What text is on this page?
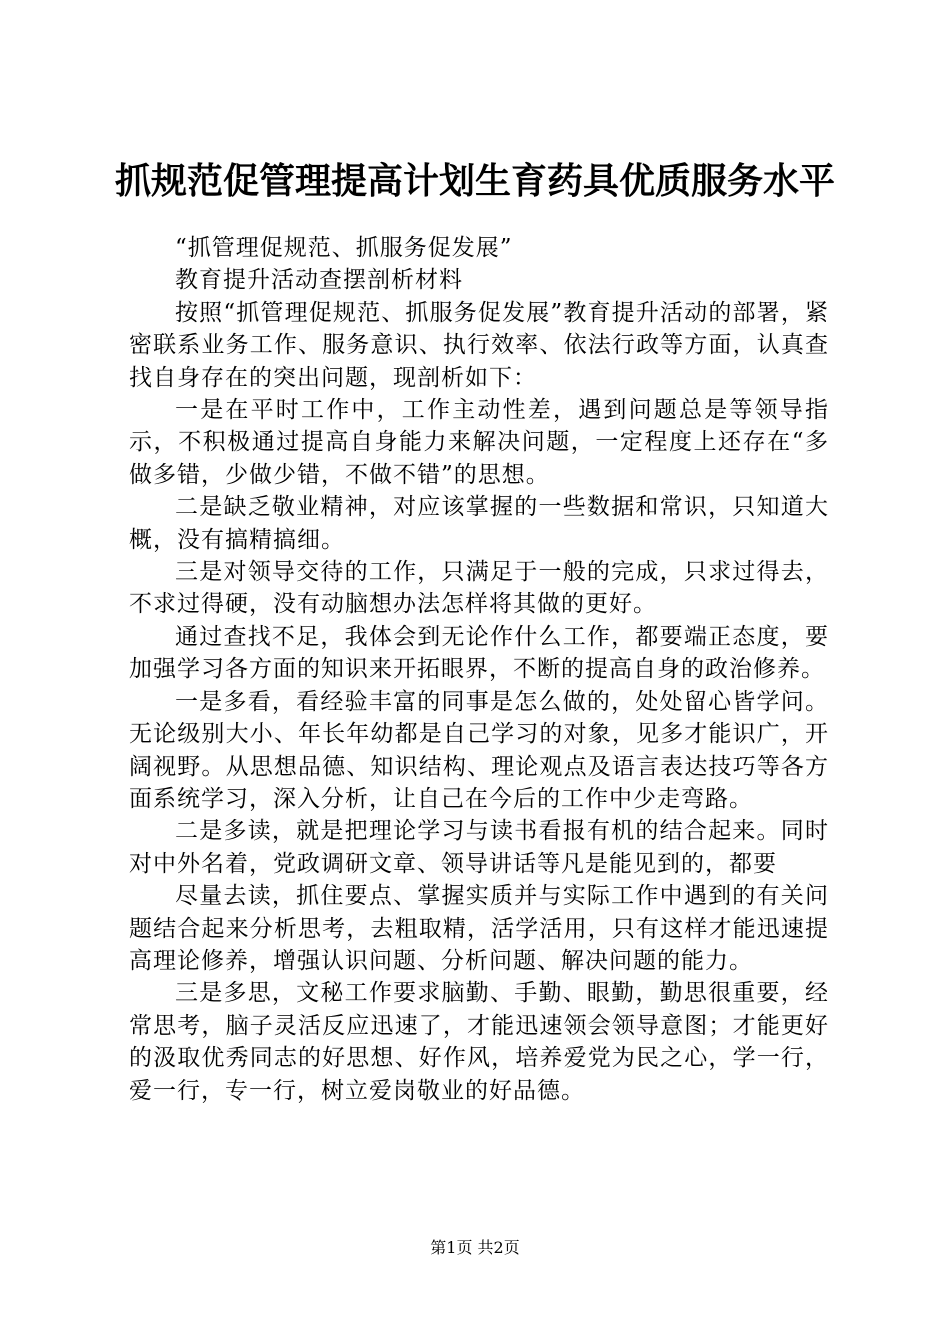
抓规范促管理提高计划生育药具优质服务水平

“抓管理促规范、抓服务促发展”

教育提升活动查摆剖析材料

按照“抓管理促规范、抓服务促发展”教育提升活动的部署，紧密联系业务工作、服务意识、执行效率、依法行政等方面，认真查找自身存在的突出问题，现剖析如下：

一是在平时工作中，工作主动性差，遇到问题总是等领导指示，不积极通过提高自身能力来解决问题，一定程度上还存在“多做多错，少做少错，不做不错”的思想。

二是缺乏敬业精神，对应该掌握的一些数据和常识，只知道大概，没有搞精搞细。

三是对领导交待的工作，只满足于一般的完成，只求过得去，不求过得硬，没有动脑想办法怎样将其做的更好。

通过查找不足，我体会到无论作什么工作，都要端正态度，要加强学习各方面的知识来开拓眼界，不断的提高自身的政治修养。

一是多看，看经验丰富的同事是怎么做的，处处留心皆学问。无论级别大小、年长年幼都是自己学习的对象，见多才能识广，开阔视野。从思想品德、知识结构、理论观点及语言表达技巧等各方面系统学习，深入分析，让自己在今后的工作中少走弯路。

二是多读，就是把理论学习与读书看报有机的结合起来。同时对中外名着，党政调研文章、领导讲话等凡是能见到的，都要

尽量去读，抓住要点、掌握实质并与实际工作中遇到的有关问题结合起来分析思考，去粗取精，活学活用，只有这样才能迅速提高理论修养，增强认识问题、分析问题、解决问题的能力。

三是多思，文秘工作要求脑勤、手勤、眼勤，勤思很重要，经常思考，脑子灵活反应迅速了，才能迅速领会领导意图；才能更好的汲取优秀同志的好思想、好作风，培养爱党为民之心，学一行，爱一行，专一行，树立爱岗敬业的好品德。

第1页 共2页
